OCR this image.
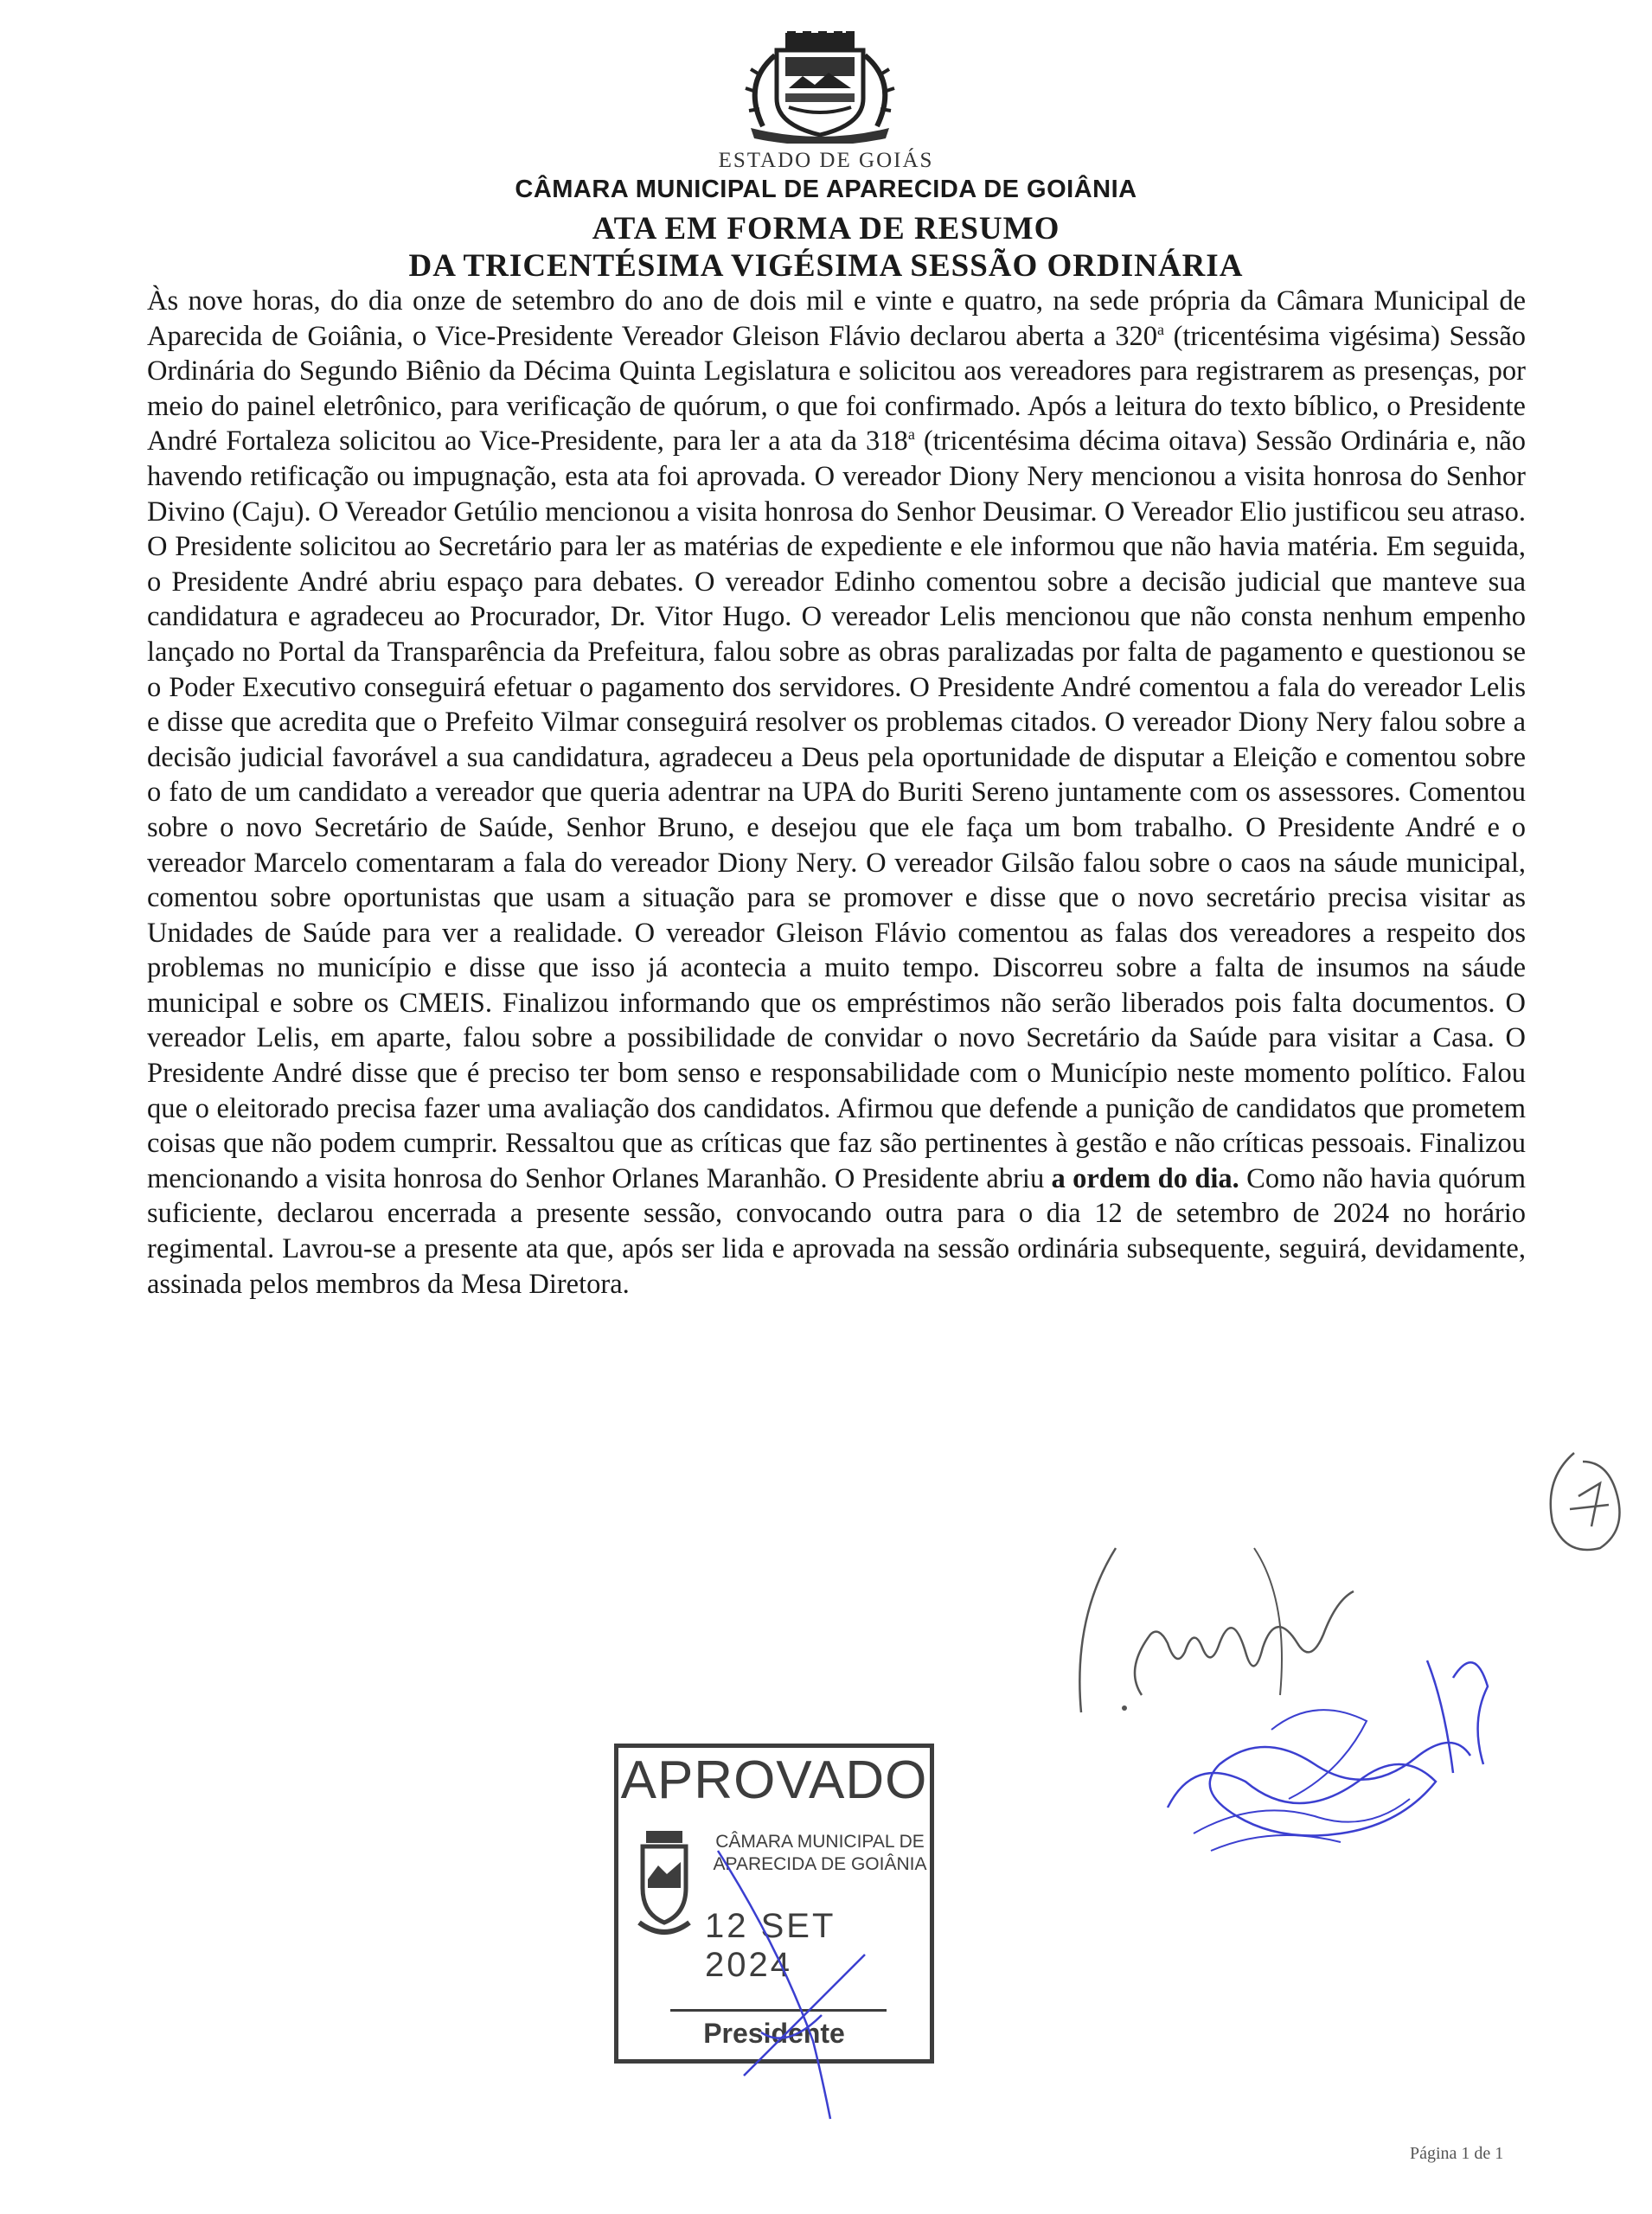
ESTADO DE GOIÁS
CÂMARA MUNICIPAL DE APARECIDA DE GOIÂNIA
ATA EM FORMA DE RESUMO
DA TRICENTÉSIMA VIGÉSIMA SESSÃO ORDINÁRIA
Às nove horas, do dia onze de setembro do ano de dois mil e vinte e quatro, na sede própria da Câmara Municipal de Aparecida de Goiânia, o Vice-Presidente Vereador Gleison Flávio declarou aberta a 320$^a$ (tricentésima vigésima) Sessão Ordinária do Segundo Biênio da Décima Quinta Legislatura e solicitou aos vereadores para registrarem as presenças, por meio do painel eletrônico, para verificação de quórum, o que foi confirmado. Após a leitura do texto bíblico, o Presidente André Fortaleza solicitou ao Vice-Presidente, para ler a ata da 318$^a$ (tricentésima décima oitava) Sessão Ordinária e, não havendo retificação ou impugnação, esta ata foi aprovada. O vereador Diony Nery mencionou a visita honrosa do Senhor Divino (Caju). O Vereador Getúlio mencionou a visita honrosa do Senhor Deusimar. O Vereador Elio justificou seu atraso. O Presidente solicitou ao Secretário para ler as matérias de expediente e ele informou que não havia matéria. Em seguida, o Presidente André abriu espaço para debates. O vereador Edinho comentou sobre a decisão judicial que manteve sua candidatura e agradeceu ao Procurador, Dr. Vitor Hugo. O vereador Lelis mencionou que não consta nenhum empenho lançado no Portal da Transparência da Prefeitura, falou sobre as obras paralizadas por falta de pagamento e questionou se o Poder Executivo conseguirá efetuar o pagamento dos servidores. O Presidente André comentou a fala do vereador Lelis e disse que acredita que o Prefeito Vilmar conseguirá resolver os problemas citados. O vereador Diony Nery falou sobre a decisão judicial favorável a sua candidatura, agradeceu a Deus pela oportunidade de disputar a Eleição e comentou sobre o fato de um candidato a vereador que queria adentrar na UPA do Buriti Sereno juntamente com os assessores. Comentou sobre o novo Secretário de Saúde, Senhor Bruno, e desejou que ele faça um bom trabalho. O Presidente André e o vereador Marcelo comentaram a fala do vereador Diony Nery. O vereador Gilsão falou sobre o caos na sáude municipal, comentou sobre oportunistas que usam a situação para se promover e disse que o novo secretário precisa visitar as Unidades de Saúde para ver a realidade. O vereador Gleison Flávio comentou as falas dos vereadores a respeito dos problemas no município e disse que isso já acontecia a muito tempo. Discorreu sobre a falta de insumos na sáude municipal e sobre os CMEIS. Finalizou informando que os empréstimos não serão liberados pois falta documentos. O vereador Lelis, em aparte, falou sobre a possibilidade de convidar o novo Secretário da Saúde para visitar a Casa. O Presidente André disse que é preciso ter bom senso e responsabilidade com o Município neste momento político. Falou que o eleitorado precisa fazer uma avaliação dos candidatos. Afirmou que defende a punição de candidatos que prometem coisas que não podem cumprir. Ressaltou que as críticas que faz são pertinentes à gestão e não críticas pessoais. Finalizou mencionando a visita honrosa do Senhor Orlanes Maranhão. O Presidente abriu a ordem do dia. Como não havia quórum suficiente, declarou encerrada a presente sessão, convocando outra para o dia 12 de setembro de 2024 no horário regimental. Lavrou-se a presente ata que, após ser lida e aprovada na sessão ordinária subsequente, seguirá, devidamente, assinada pelos membros da Mesa Diretora.
APROVADO
CÂMARA MUNICIPAL DE
APARECIDA DE GOIÂNIA
12 SET 2024
Presidente
Página 1 de 1
